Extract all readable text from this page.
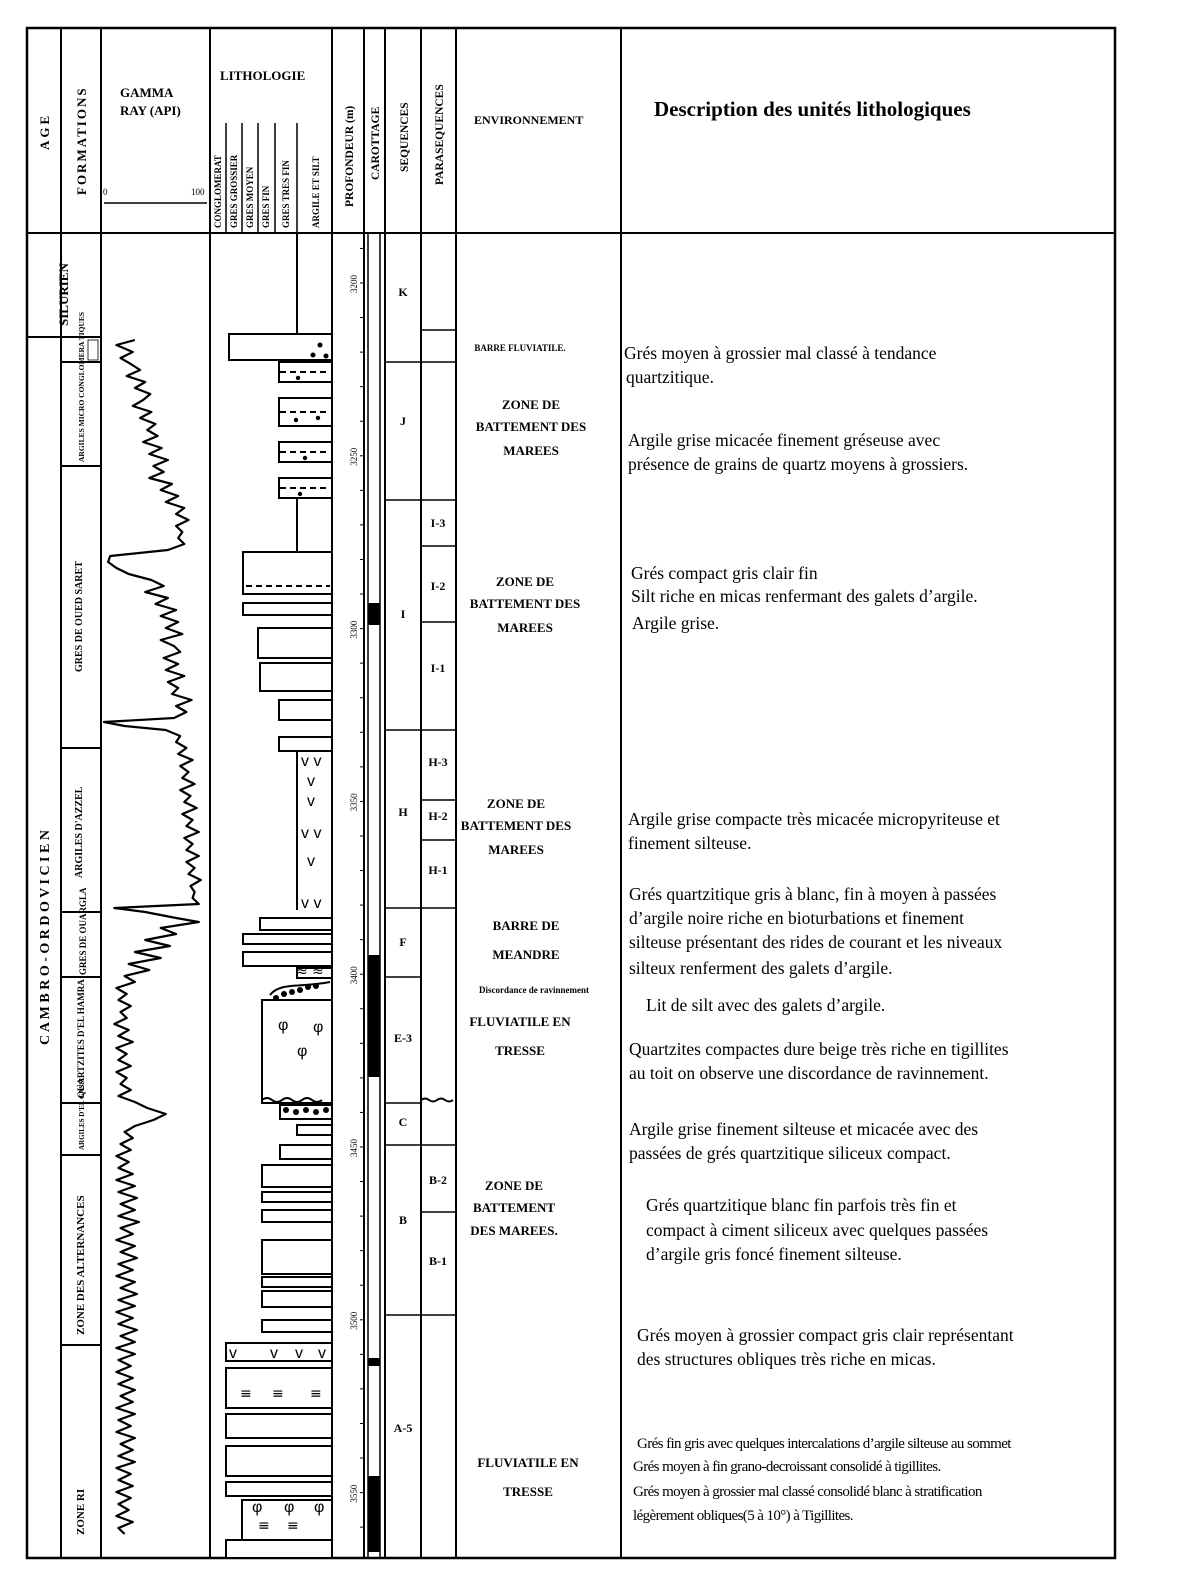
AGE FORMATIONS GAMMA
RAY (API)
0	100
LITHOLOGIE
CONGLOMERAT GRES GROSSIER GRES MOYEN GRES FIN GRES TRES FIN ARGILE ET SILT PROFONDEUR (m) CAROTTAGE SEQUENCES PARASEQUENCES ENVIRONNEMENT	Description des unités lithologiques
SILURIEN
C A M B R O - O R D O V I C I E N
ARGILES MICRO CONGLOMERA TIQUES
GRES DE OUED SARET
ARGILES D'AZZEL
GRES DE OUARGLA
QUARTZITES D'EL HAMRA
ARGILES D'EL GASSI
ZONE DES ALTERNANCES
ZONE RI
v v
v
v
v v
v
v v
v v v v
φ φ
φ
φ φ φ
≈ ≈
≡ ≡ ≡
≡ ≡
3200
3250
3300
3350
3400
3450
3500
3550
K
J
I
H
F
E-3
C
B
A-5
I-3
I-2
I-1
H-3
H-2
H-1
B-2
B-1
BARRE FLUVIATILE.
ZONE DE
BATTEMENT DES
MAREES
ZONE DE
BATTEMENT DES
MAREES
ZONE DE
BATTEMENT DES
MAREES
BARRE DE
MEANDRE
Discordance de ravinnement
FLUVIATILE EN
TRESSE
ZONE DE
BATTEMENT
DES MAREES.
FLUVIATILE EN
TRESSE
Grés moyen à grossier mal classé à tendance
quartzitique.
Argile grise micacée finement gréseuse avec
présence de grains de quartz moyens à grossiers.
Grés compact gris clair fin
Silt riche en micas renfermant des galets d’argile.
Argile grise.
Argile grise compacte très micacée micropyriteuse et
finement silteuse.
Grés quartzitique gris à blanc, fin à moyen à passées
d’argile noire riche en bioturbations et finement
silteuse présentant des rides de courant et les niveaux
silteux renferment des galets d’argile.
Lit de silt avec des galets d’argile.
Quartzites compactes dure beige très riche en tigillites
au toit on observe une discordance de ravinnement.
Argile grise finement silteuse et micacée avec des
passées de grés quartzitique siliceux compact.
Grés quartzitique blanc fin parfois très fin et
compact à ciment siliceux avec quelques passées
d’argile gris foncé finement silteuse.
Grés moyen à grossier compact gris clair représentant
des structures obliques très riche en micas.
Grés fin gris avec quelques intercalations d’argile silteuse au sommet
Grés moyen à fin grano-decroissant consolidé à tigillites.
Grés moyen à grossier mal classé consolidé blanc à stratification
légèrement obliques(5 à 10°) à Tigillites.
